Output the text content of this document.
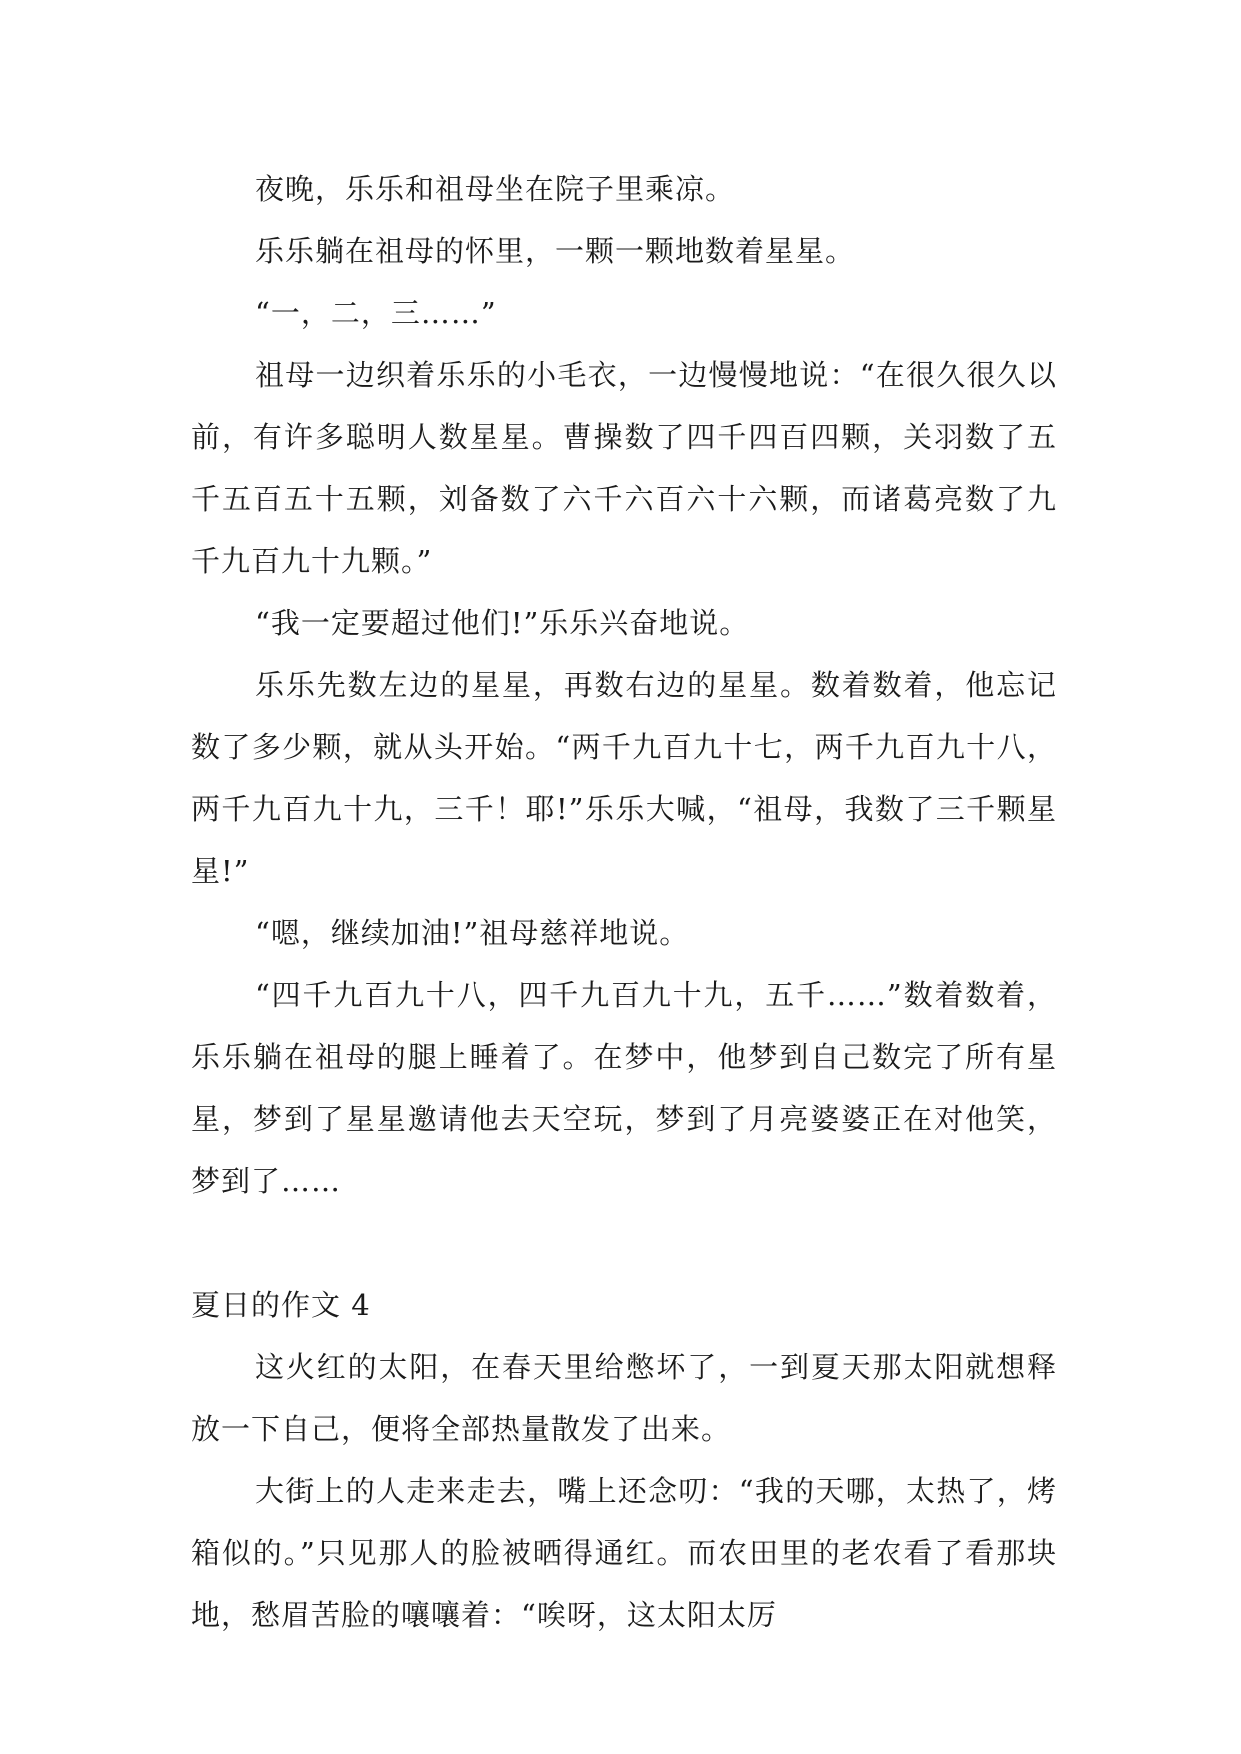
夜晚，乐乐和祖母坐在院子里乘凉。

乐乐躺在祖母的怀里，一颗一颗地数着星星。

“一，二，三……”

祖母一边织着乐乐的小毛衣，一边慢慢地说：“在很久很久以前，有许多聪明人数星星。曹操数了四千四百四颗，关羽数了五千五百五十五颗，刘备数了六千六百六十六颗，而诸葛亮数了九千九百九十九颗。”

“我一定要超过他们!”乐乐兴奋地说。

乐乐先数左边的星星，再数右边的星星。数着数着，他忘记数了多少颗，就从头开始。“两千九百九十七，两千九百九十八，两千九百九十九，三千！耶!”乐乐大喊，“祖母，我数了三千颗星星!”

“嗯，继续加油!”祖母慈祥地说。

“四千九百九十八，四千九百九十九，五千……”数着数着，乐乐躺在祖母的腿上睡着了。在梦中，他梦到自己数完了所有星星，梦到了星星邀请他去天空玩，梦到了月亮婆婆正在对他笑，梦到了……

夏日的作文 4

这火红的太阳，在春天里给憋坏了，一到夏天那太阳就想释放一下自己，便将全部热量散发了出来。

大街上的人走来走去，嘴上还念叨：“我的天哪，太热了，烤箱似的。”只见那人的脸被晒得通红。而农田里的老农看了看那块地，愁眉苦脸的嚷嚷着：“唉呀，这太阳太厉
